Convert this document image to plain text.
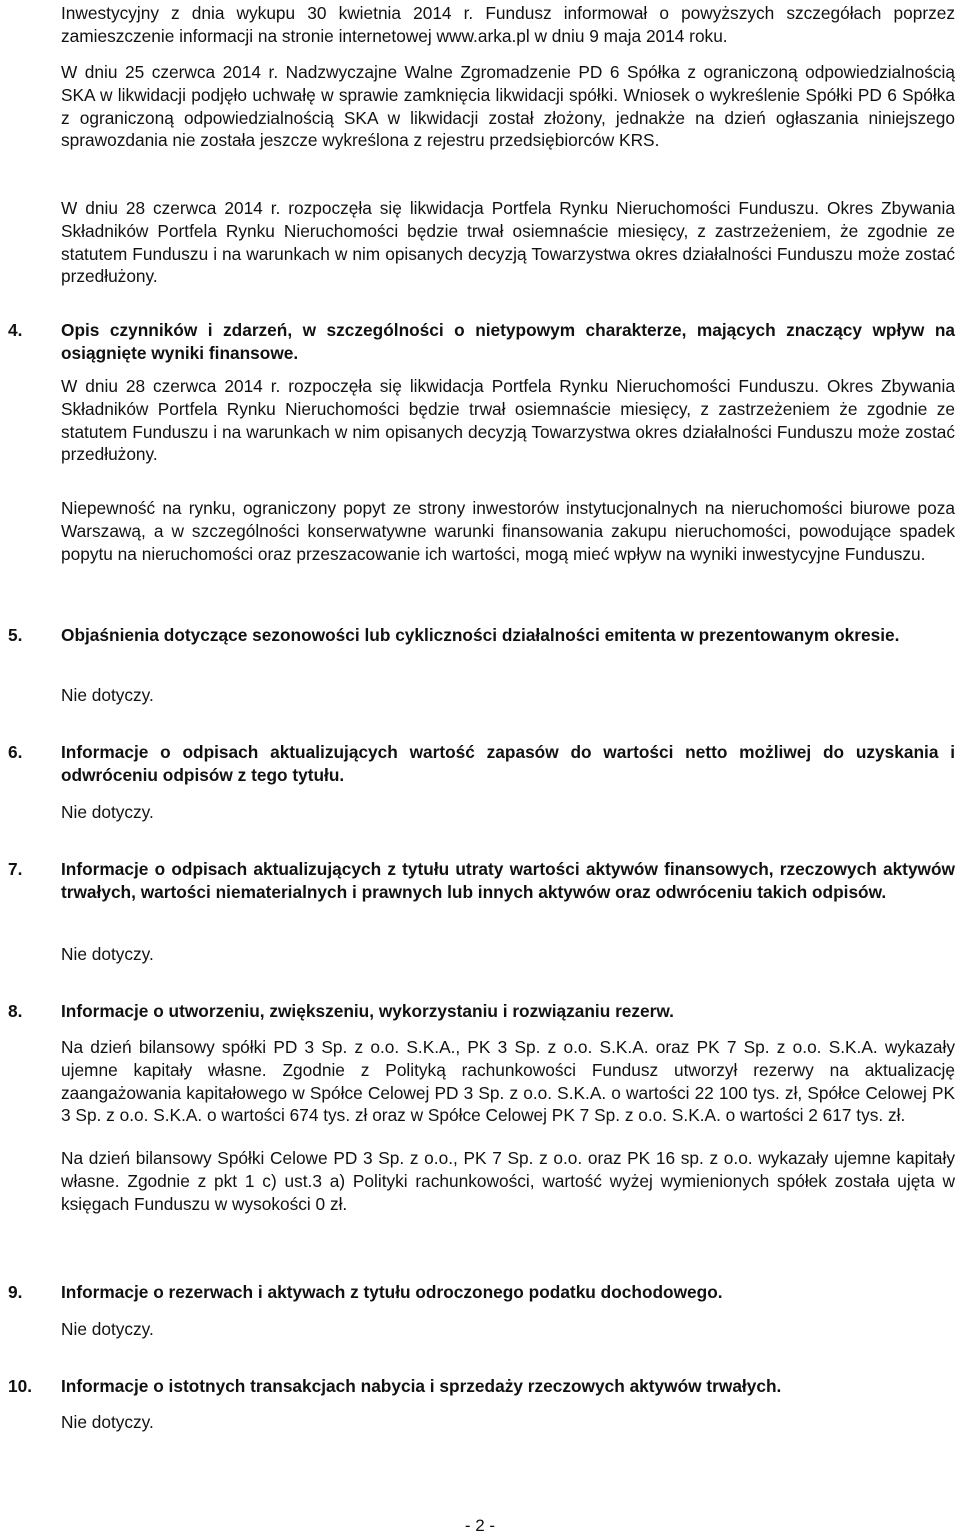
Inwestycyjny z dnia wykupu 30 kwietnia 2014 r. Fundusz informował o powyższych szczegółach poprzez zamieszczenie informacji na stronie internetowej www.arka.pl w dniu 9 maja 2014 roku.

W dniu 25 czerwca 2014 r. Nadzwyczajne Walne Zgromadzenie PD 6 Spółka z ograniczoną odpowiedzialnością SKA w likwidacji podjęło uchwałę w sprawie zamknięcia likwidacji spółki. Wniosek o wykreślenie Spółki PD 6 Spółka z ograniczoną odpowiedzialnością SKA w likwidacji został złożony, jednakże na dzień ogłaszania niniejszego sprawozdania nie została jeszcze wykreślona z rejestru przedsiębiorców KRS.

W dniu 28 czerwca 2014 r. rozpoczęła się likwidacja Portfela Rynku Nieruchomości Funduszu. Okres Zbywania Składników Portfela Rynku Nieruchomości będzie trwał osiemnaście miesięcy, z zastrzeżeniem, że zgodnie ze statutem Funduszu i na warunkach w nim opisanych decyzją Towarzystwa okres działalności Funduszu może zostać przedłużony.

4. Opis czynników i zdarzeń, w szczególności o nietypowym charakterze, mających znaczący wpływ na osiągnięte wyniki finansowe.

W dniu 28 czerwca 2014 r. rozpoczęła się likwidacja Portfela Rynku Nieruchomości Funduszu. Okres Zbywania Składników Portfela Rynku Nieruchomości będzie trwał osiemnaście miesięcy, z zastrzeżeniem że zgodnie ze statutem Funduszu i na warunkach w nim opisanych decyzją Towarzystwa okres działalności Funduszu może zostać przedłużony.

Niepewność na rynku, ograniczony popyt ze strony inwestorów instytucjonalnych na nieruchomości biurowe poza Warszawą, a w szczególności konserwatywne warunki finansowania zakupu nieruchomości, powodujące spadek popytu na nieruchomości oraz przeszacowanie ich wartości, mogą mieć wpływ na wyniki inwestycyjne Funduszu.

5. Objaśnienia dotyczące sezonowości lub cykliczności działalności emitenta w prezentowanym okresie.

Nie dotyczy.

6. Informacje o odpisach aktualizujących wartość zapasów do wartości netto możliwej do uzyskania i odwróceniu odpisów z tego tytułu.

Nie dotyczy.

7. Informacje o odpisach aktualizujących z tytułu utraty wartości aktywów finansowych, rzeczowych aktywów trwałych, wartości niematerialnych i prawnych lub innych aktywów oraz odwróceniu takich odpisów.

Nie dotyczy.

8. Informacje o utworzeniu, zwiększeniu, wykorzystaniu i rozwiązaniu rezerw.

Na dzień bilansowy spółki PD 3 Sp. z o.o. S.K.A., PK 3 Sp. z o.o. S.K.A. oraz PK 7 Sp. z o.o. S.K.A. wykazały ujemne kapitały własne. Zgodnie z Polityką rachunkowości Fundusz utworzył rezerwy na aktualizację zaangażowania kapitałowego w Spółce Celowej PD 3 Sp. z o.o. S.K.A. o wartości 22 100 tys. zł, Spółce Celowej PK 3 Sp. z o.o. S.K.A. o wartości 674 tys. zł oraz w Spółce Celowej PK 7 Sp. z o.o. S.K.A. o wartości 2 617 tys. zł.

Na dzień bilansowy Spółki Celowe PD 3 Sp. z o.o., PK 7 Sp. z o.o. oraz PK 16 sp. z o.o. wykazały ujemne kapitały własne. Zgodnie z pkt 1 c) ust.3 a) Polityki rachunkowości, wartość wyżej wymienionych spółek została ujęta w księgach Funduszu w wysokości 0 zł.

9. Informacje o rezerwach i aktywach z tytułu odroczonego podatku dochodowego.

Nie dotyczy.

10. Informacje o istotnych transakcjach nabycia i sprzedaży rzeczowych aktywów trwałych.

Nie dotyczy.

- 2 -
